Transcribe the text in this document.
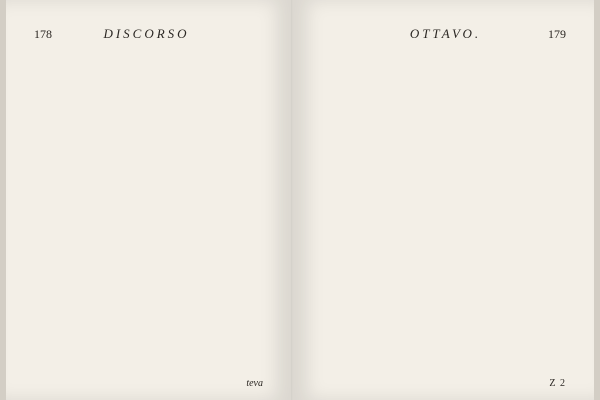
178	DISCORSO
teva
OTTAVO.	179
Z 2
